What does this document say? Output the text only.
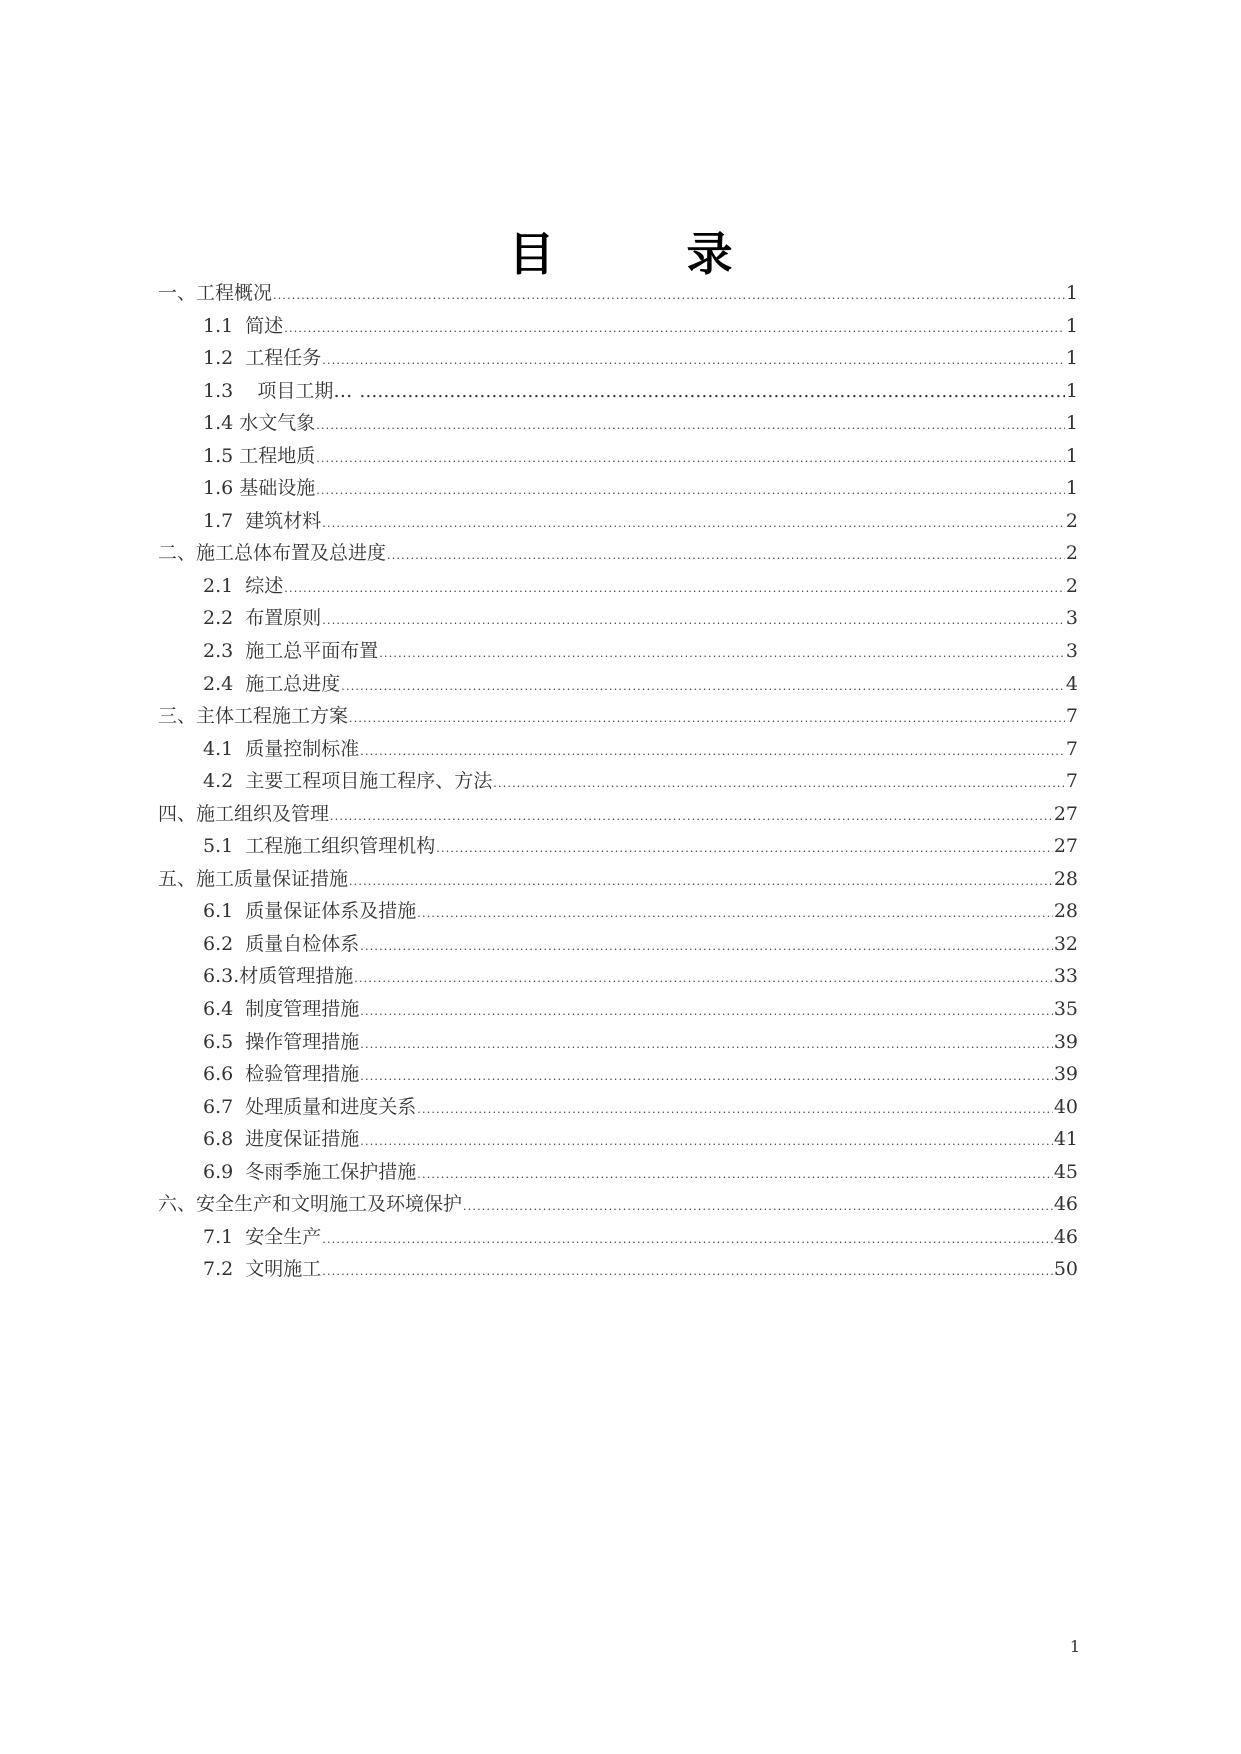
目 录
一、工程概况 .....	1
1.1  简述 .....	1
1.2  工程任务 .....	1
1.3    项目工期… …………………………………………………………………………………………………………………………………………………	1
1.4 水文气象 .....	1
1.5 工程地质 .....	1
1.6 基础设施 .....	1
1.7  建筑材料 .....	2
二、施工总体布置及总进度 .....	2
2.1  综述 .....	2
2.2  布置原则 .....	3
2.3  施工总平面布置 .....	3
2.4  施工总进度 .....	4
三、主体工程施工方案 .....	7
4.1  质量控制标准 .....	7
4.2  主要工程项目施工程序、方法 .....	7
四、施工组织及管理 .....	27
5.1  工程施工组织管理机构 .....	27
五、施工质量保证措施 .....	28
6.1  质量保证体系及措施 .....	28
6.2  质量自检体系 .....	32
6.3.材质管理措施 .....	33
6.4  制度管理措施 .....	35
6.5  操作管理措施 .....	39
6.6  检验管理措施 .....	39
6.7  处理质量和进度关系 .....	40
6.8  进度保证措施 .....	41
6.9  冬雨季施工保护措施 .....	45
六、安全生产和文明施工及环境保护 .....	46
7.1  安全生产 .....	46
7.2  文明施工 .....	50
1
